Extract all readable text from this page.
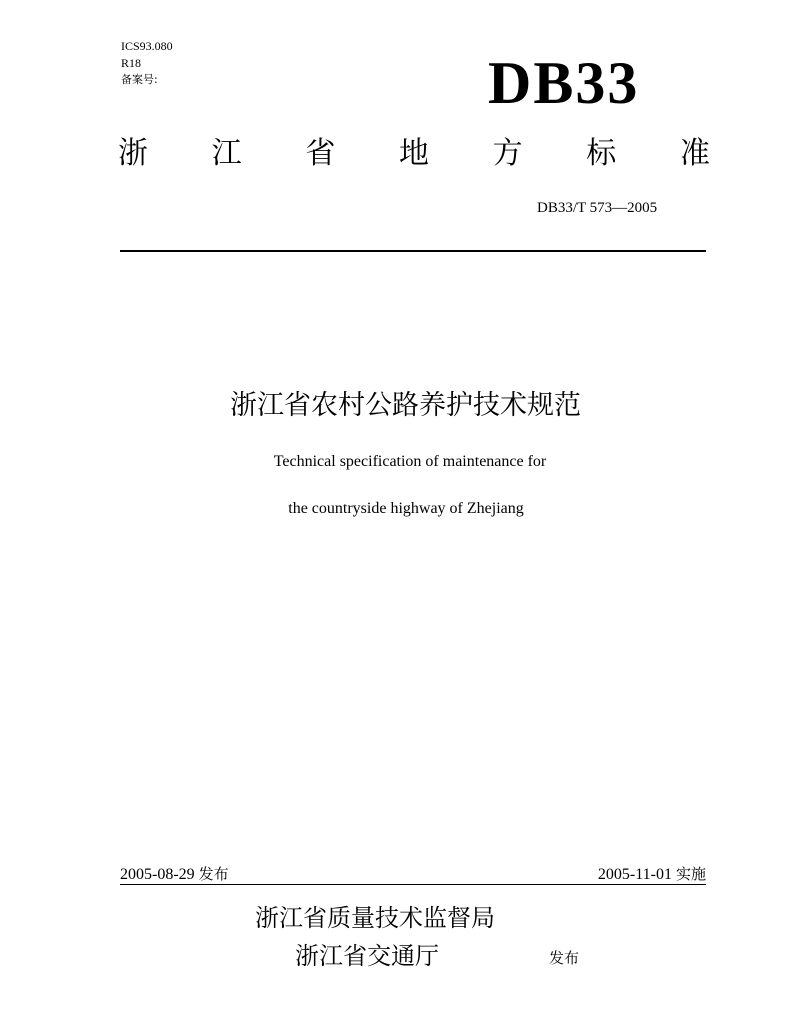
ICS93.080
R18
备案号:	DB33
浙 江 省 地 方 标 准
DB33/T 573—2005
浙江省农村公路养护技术规范
Technical specification of maintenance for
the countryside highway of Zhejiang
2005-08-29 发布	2005-11-01 实施
浙江省质量技术监督局
浙江省交通厅	发布
